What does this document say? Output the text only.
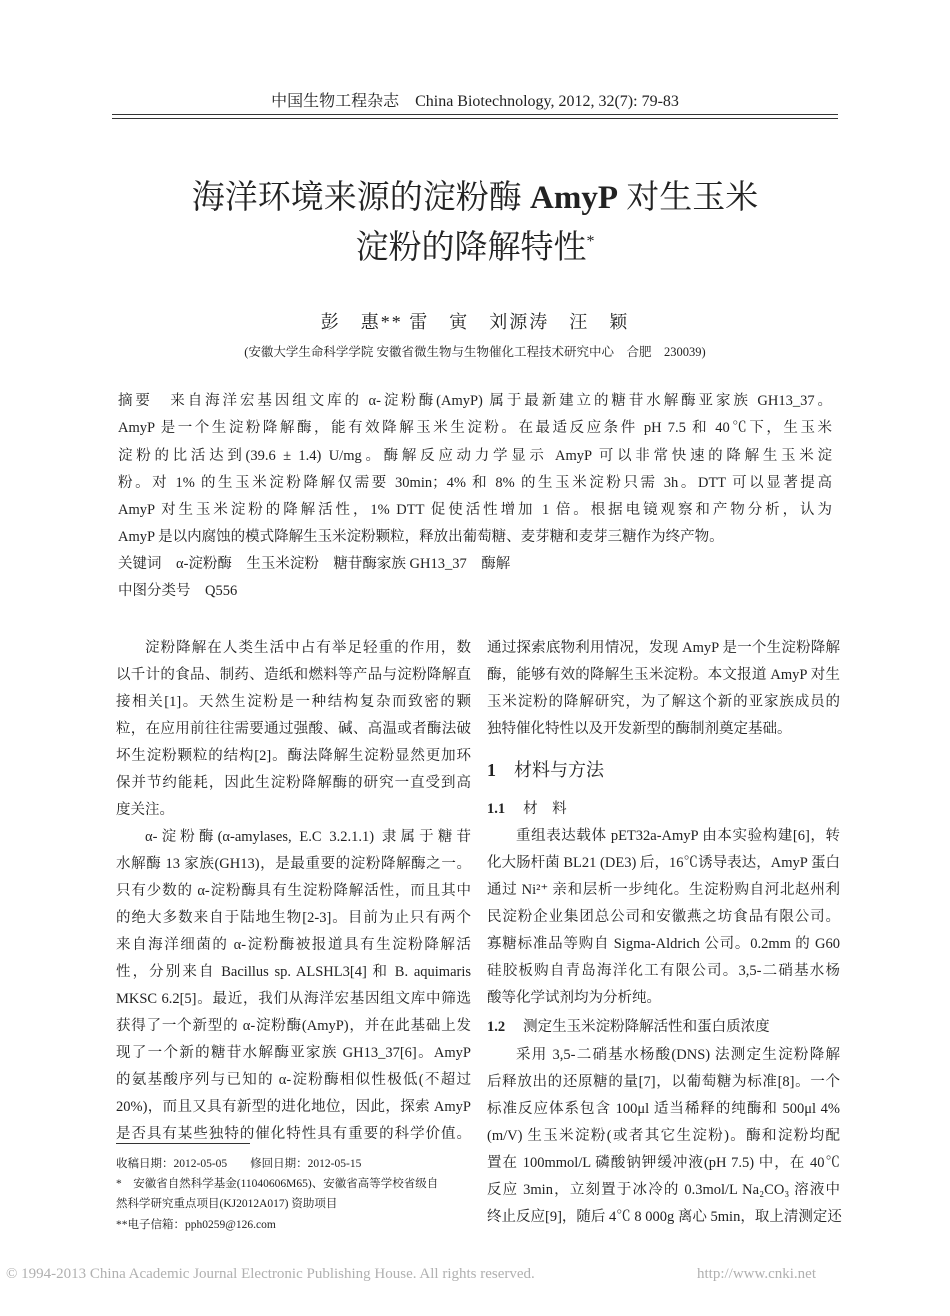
中国生物工程杂志　China Biotechnology, 2012, 32(7): 79-83
海洋环境来源的淀粉酶 AmyP 对生玉米
淀粉的降解特性*
彭　惠** 雷　寅　刘源涛　汪　颖
(安徽大学生命科学学院 安徽省微生物与生物催化工程技术研究中心　合肥　230039)
摘要　来自海洋宏基因组文库的 α-淀粉酶(AmyP) 属于最新建立的糖苷水解酶亚家族 GH13_37。
AmyP 是一个生淀粉降解酶，能有效降解玉米生淀粉。在最适反应条件 pH 7.5 和 40℃下，生玉米
淀粉的比活达到(39.6 ± 1.4) U/mg。酶解反应动力学显示 AmyP 可以非常快速的降解生玉米淀
粉。对 1% 的生玉米淀粉降解仅需要 30min；4% 和 8% 的生玉米淀粉只需 3h。DTT 可以显著提高
AmyP 对生玉米淀粉的降解活性，1% DTT 促使活性增加 1 倍。根据电镜观察和产物分析，认为
AmyP 是以内腐蚀的模式降解生玉米淀粉颗粒，释放出葡萄糖、麦芽糖和麦芽三糖作为终产物。
关键词　α-淀粉酶　生玉米淀粉　糖苷酶家族 GH13_37　酶解
中图分类号　Q556
淀粉降解在人类生活中占有举足轻重的作用，数
以千计的食品、制药、造纸和燃料等产品与淀粉降解直
接相关[1]。天然生淀粉是一种结构复杂而致密的颗
粒，在应用前往往需要通过强酸、碱、高温或者酶法破
坏生淀粉颗粒的结构[2]。酶法降解生淀粉显然更加环
保并节约能耗，因此生淀粉降解酶的研究一直受到高
度关注。
α-淀粉酶(α-amylases, E.C 3.2.1.1) 隶属于糖苷
水解酶 13 家族(GH13)，是最重要的淀粉降解酶之一。
只有少数的 α-淀粉酶具有生淀粉降解活性，而且其中
的绝大多数来自于陆地生物[2-3]。目前为止只有两个
来自海洋细菌的 α-淀粉酶被报道具有生淀粉降解活
性，分别来自 Bacillus sp. ALSHL3[4] 和 B. aquimaris
MKSC 6.2[5]。最近，我们从海洋宏基因组文库中筛选
获得了一个新型的 α-淀粉酶(AmyP)，并在此基础上发
现了一个新的糖苷水解酶亚家族 GH13_37[6]。AmyP
的氨基酸序列与已知的 α-淀粉酶相似性极低(不超过
20%)，而且又具有新型的进化地位，因此，探索 AmyP
是否具有某些独特的催化特性具有重要的科学价值。
收稿日期：2012-05-05　　修回日期：2012-05-15
*　安徽省自然科学基金(11040606M65)、安徽省高等学校省级自
然科学研究重点项目(KJ2012A017) 资助项目
**电子信箱：pph0259@126.com
通过探索底物利用情况，发现 AmyP 是一个生淀粉降解
酶，能够有效的降解生玉米淀粉。本文报道 AmyP 对生
玉米淀粉的降解研究，为了解这个新的亚家族成员的
独特催化特性以及开发新型的酶制剂奠定基础。
1 材料与方法
1.1 材　料
重组表达载体 pET32a-AmyP 由本实验构建[6]，转
化大肠杆菌 BL21 (DE3) 后，16℃诱导表达，AmyP 蛋白
通过 Ni²⁺ 亲和层析一步纯化。生淀粉购自河北赵州利
民淀粉企业集团总公司和安徽燕之坊食品有限公司。
寡糖标准品等购自 Sigma-Aldrich 公司。0.2mm 的 G60
硅胶板购自青岛海洋化工有限公司。3,5-二硝基水杨
酸等化学试剂均为分析纯。
1.2 测定生玉米淀粉降解活性和蛋白质浓度
采用 3,5-二硝基水杨酸(DNS) 法测定生淀粉降解
后释放出的还原糖的量[7]，以葡萄糖为标准[8]。一个
标准反应体系包含 100μl 适当稀释的纯酶和 500μl 4%
(m/V) 生玉米淀粉(或者其它生淀粉)。酶和淀粉均配
置在 100mmol/L 磷酸钠钾缓冲液(pH 7.5) 中，在 40℃
反应 3min，立刻置于冰冷的 0.3mol/L Na₂CO₃ 溶液中
终止反应[9]，随后 4℃ 8 000g 离心 5min，取上清测定还
© 1994-2013 China Academic Journal Electronic Publishing House. All rights reserved.	http://www.cnki.net
